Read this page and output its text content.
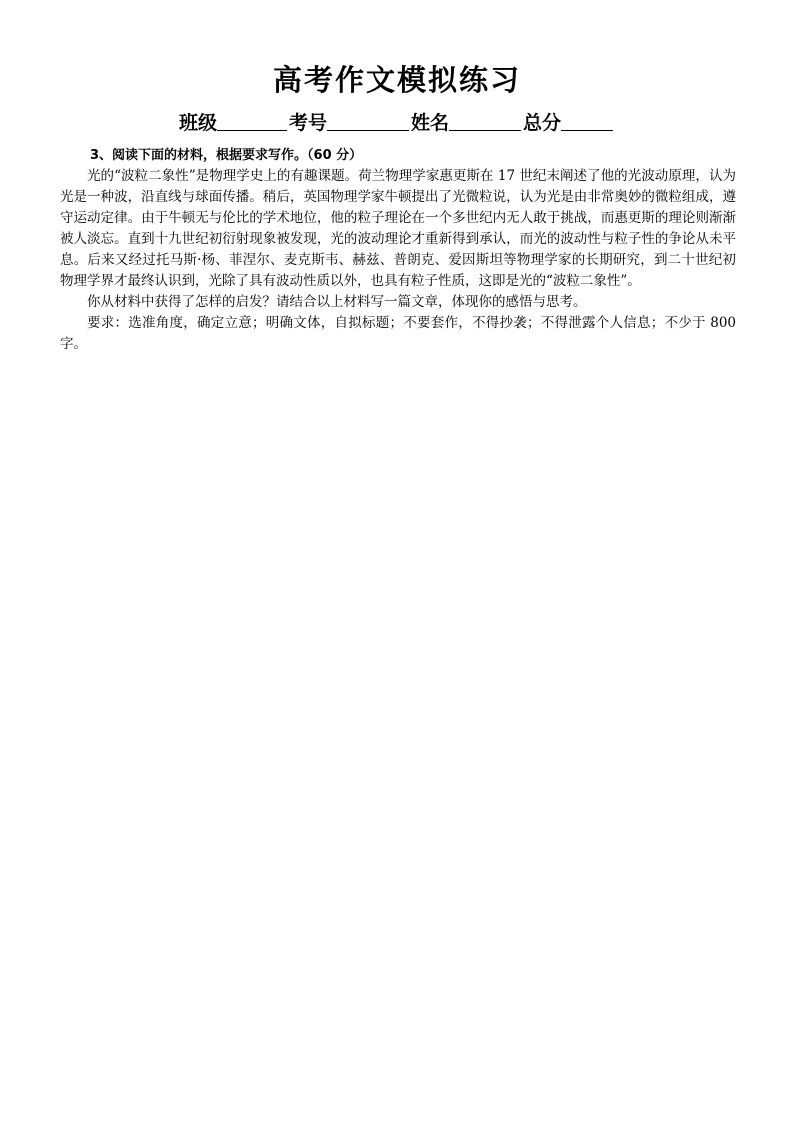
高考作文模拟练习
班级	考号	姓名	总分
3、阅读下面的材料，根据要求写作。（60 分）

光的“波粒二象性”是物理学史上的有趣课题。荷兰物理学家惠更斯在 17 世纪末阐述了他的光波动原理，认为光是一种波，沿直线与球面传播。稍后，英国物理学家牛顿提出了光微粒说，认为光是由非常奥妙的微粒组成，遵守运动定律。由于牛顿无与伦比的学术地位，他的粒子理论在一个多世纪内无人敢于挑战，而惠更斯的理论则渐渐被人淡忘。直到十九世纪初衍射现象被发现，光的波动理论才重新得到承认，而光的波动性与粒子性的争论从未平息。后来又经过托马斯·杨、菲涅尔、麦克斯韦、赫兹、普朗克、爱因斯坦等物理学家的长期研究，到二十世纪初物理学界才最终认识到，光除了具有波动性质以外，也具有粒子性质，这即是光的“波粒二象性”。

你从材料中获得了怎样的启发？请结合以上材料写一篇文章，体现你的感悟与思考。

要求：选准角度，确定立意；明确文体，自拟标题；不要套作，不得抄袭；不得泄露个人信息；不少于 800 字。
